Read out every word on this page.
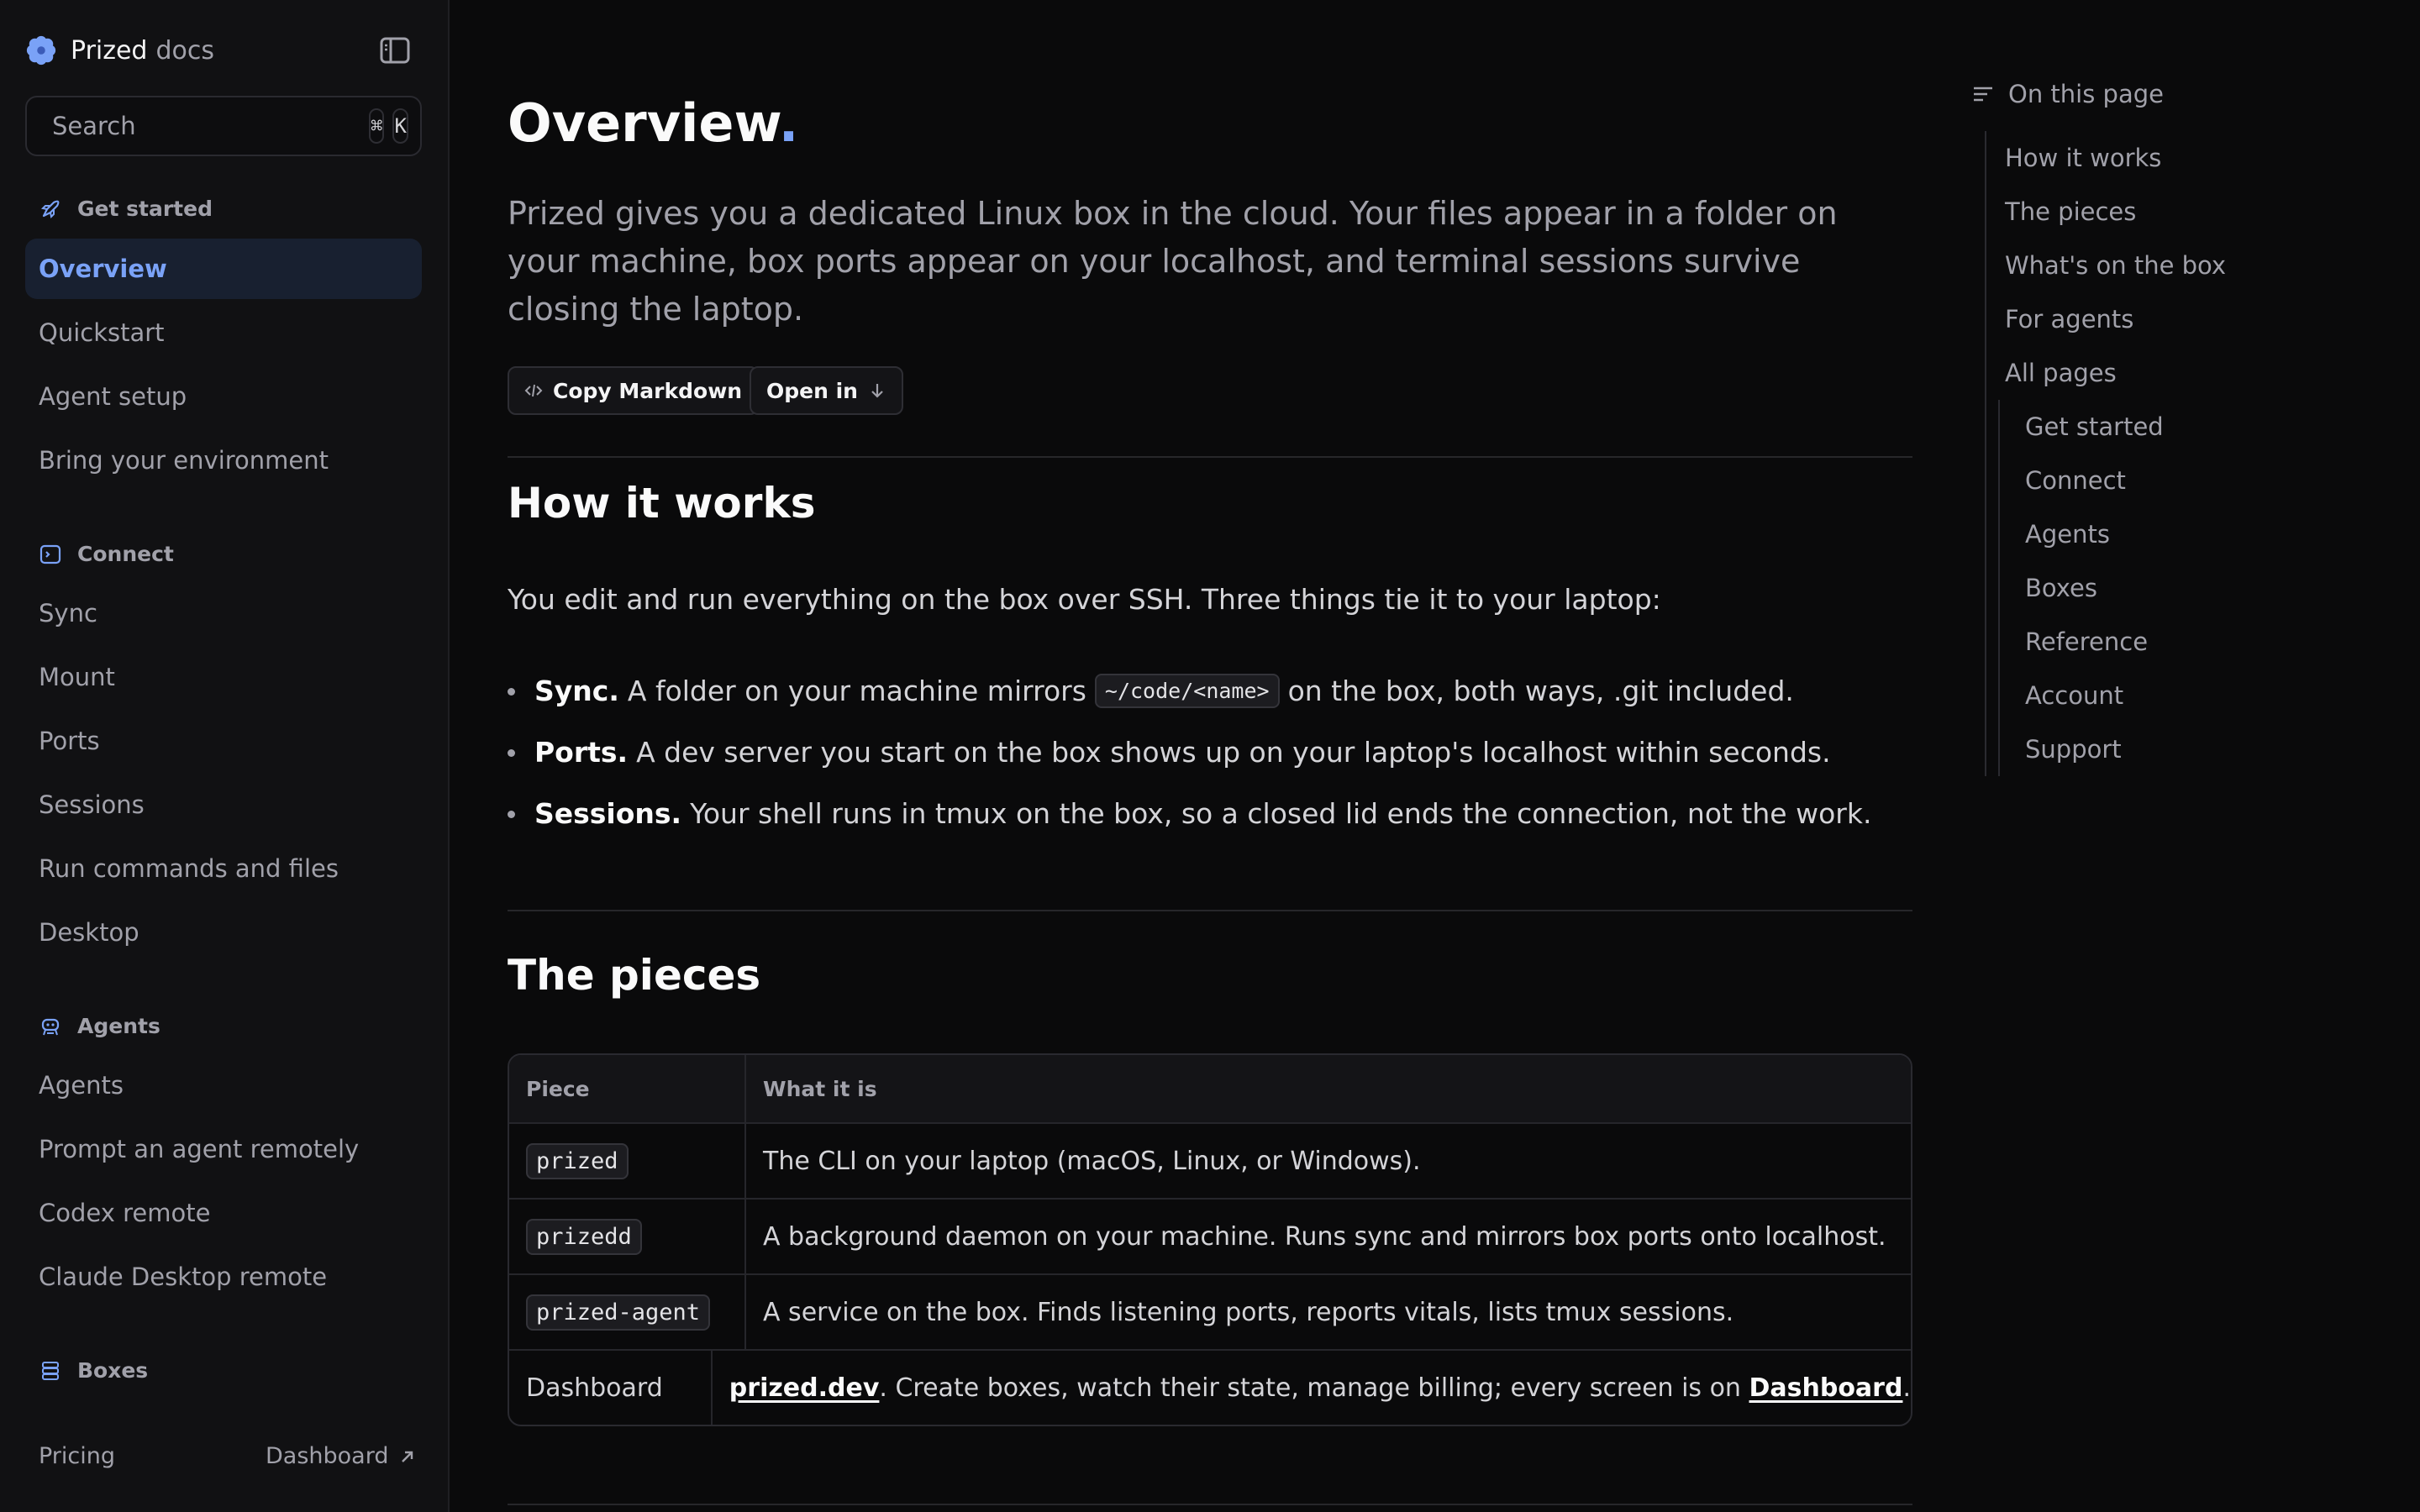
Prized docs
Search
⌘ K
Get started
Overview
Quickstart
Agent setup
Bring your environment
Connect
Sync
Mount
Ports
Sessions
Run commands and files
Desktop
Agents
Agents
Prompt an agent remotely
Codex remote
Claude Desktop remote
Boxes
Pricing	Dashboard
Overview.

Prized gives you a dedicated Linux box in the cloud. Your files appear in a folder on your machine, box ports appear on your localhost, and terminal sessions survive closing the laptop.

Copy Markdown Open in
How it works

You edit and run everything on the box over SSH. Three things tie it to your laptop:

Sync. A folder on your machine mirrors ~/code/<name> on the box, both ways, .git included.
Ports. A dev server you start on the box shows up on your laptop's localhost within seconds.
Sessions. Your shell runs in tmux on the box, so a closed lid ends the connection, not the work.
The pieces
Piece	What it is
prized	The CLI on your laptop (macOS, Linux, or Windows).
prizedd	A background daemon on your machine. Runs sync and mirrors box ports onto localhost.
prized-agent	A service on the box. Finds listening ports, reports vitals, lists tmux sessions.
Dashboard	prized.dev . Create boxes, watch their state, manage billing; every screen is on Dashboard .
On this page
How it works
The pieces
What's on the box
For agents
All pages
Get started
Connect
Agents
Boxes
Reference
Account
Support
